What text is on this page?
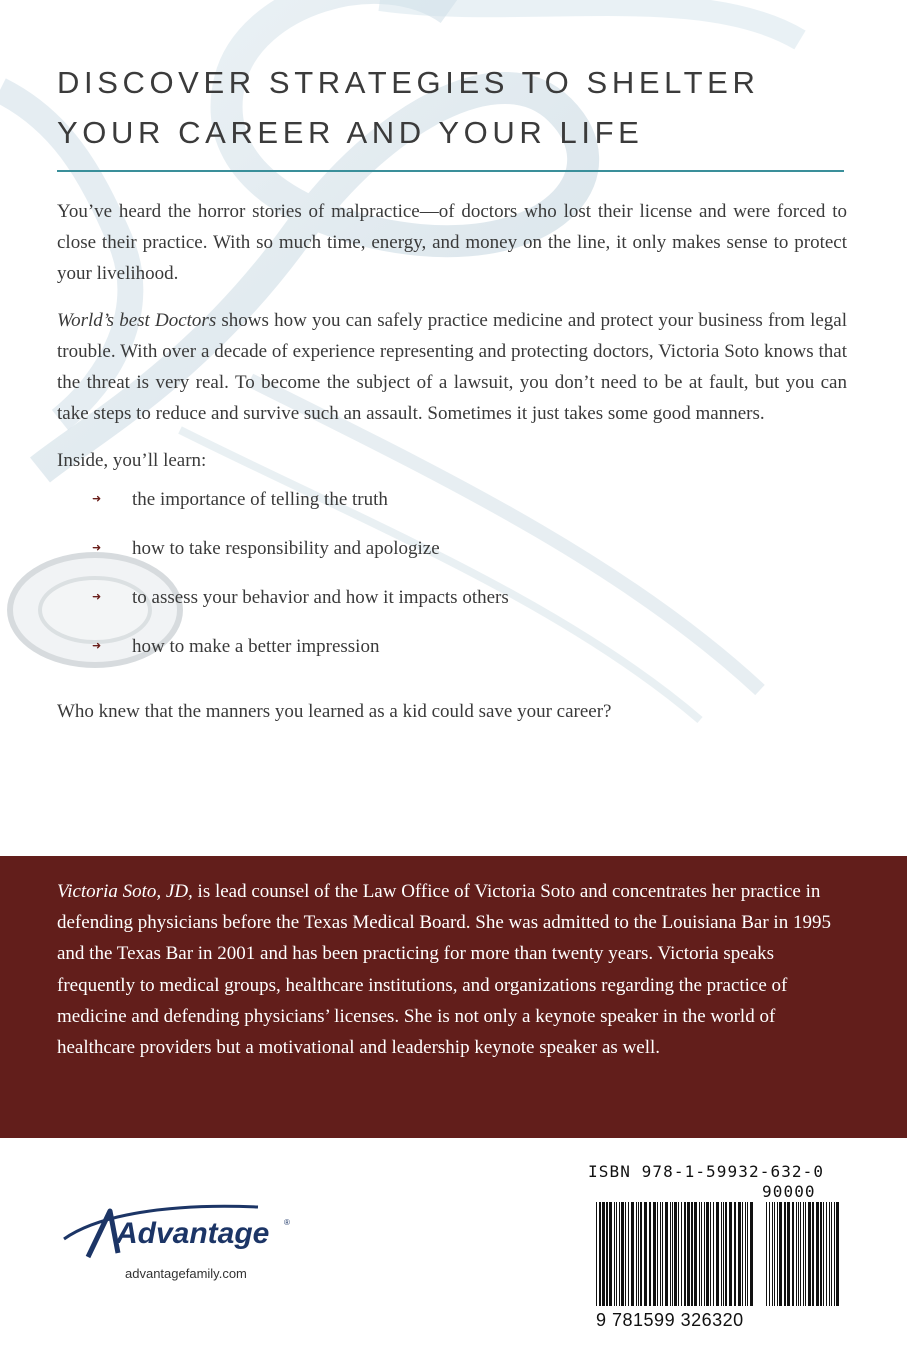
DISCOVER STRATEGIES TO SHELTER
YOUR CAREER AND YOUR LIFE

You’ve heard the horror stories of malpractice—of doctors who lost their license and were forced to close their practice. With so much time, energy, and money on the line, it only makes sense to protect your livelihood.

World’s best Doctors shows how you can safely practice medicine and protect your business from legal trouble. With over a decade of experience representing and protecting doctors, Victoria Soto knows that the threat is very real. To become the subject of a lawsuit, you don’t need to be at fault, but you can take steps to reduce and survive such an assault. Sometimes it just takes some good manners.

Inside, you’ll learn:

➜ the importance of telling the truth
➜ how to take responsibility and apologize
➜ to assess your behavior and how it impacts others
➜ how to make a better impression

Who knew that the manners you learned as a kid could save your career?

Victoria Soto, JD, is lead counsel of the Law Office of Victoria Soto and concentrates her practice in defending physicians before the Texas Medical Board. She was admitted to the Louisiana Bar in 1995 and the Texas Bar in 2001 and has been practicing for more than twenty years. Victoria speaks frequently to medical groups, healthcare institutions, and organizations regarding the practice of medicine and defending physicians’ licenses. She is not only a keynote speaker in the world of healthcare providers but a motivational and leadership keynote speaker as well.

Advantage ®
advantagefamily.com
ISBN 978-1-59932-632-0
90000
9 781599 326320
